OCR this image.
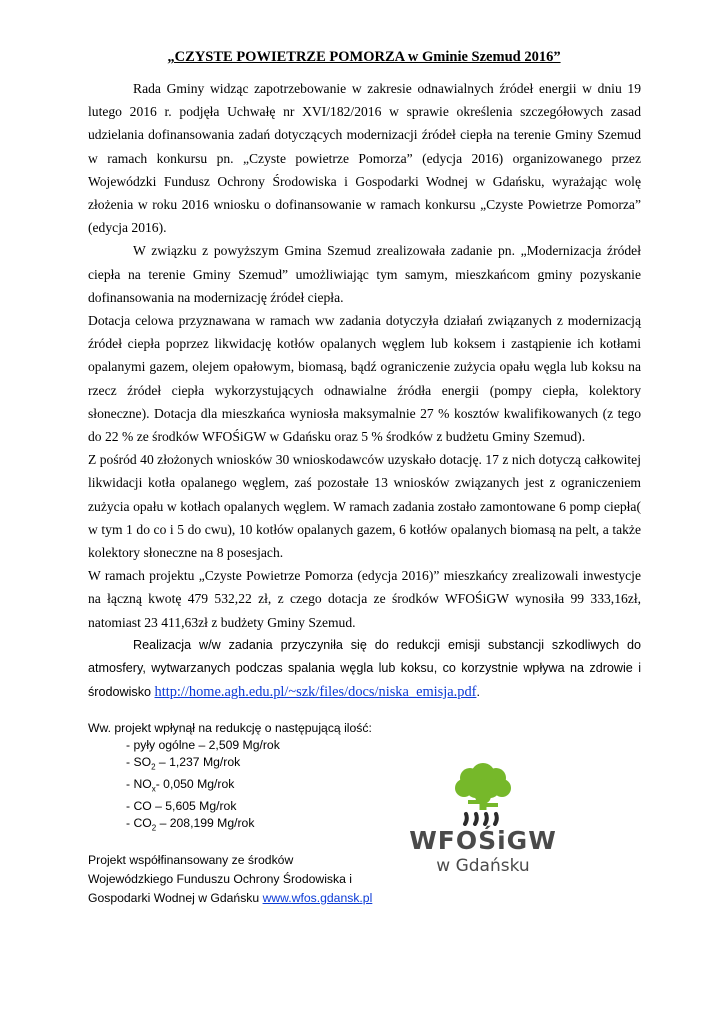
„CZYSTE POWIETRZE POMORZA w Gminie Szemud 2016”

Rada Gminy widząc zapotrzebowanie w zakresie odnawialnych źródeł energii w dniu 19 lutego 2016 r. podjęła Uchwałę nr XVI/182/2016 w sprawie określenia szczegółowych zasad udzielania dofinansowania zadań dotyczących modernizacji źródeł ciepła na terenie Gminy Szemud w ramach konkursu pn. „Czyste powietrze Pomorza” (edycja 2016) organizowanego przez Wojewódzki Fundusz Ochrony Środowiska i Gospodarki Wodnej w Gdańsku, wyrażając wolę złożenia w roku 2016 wniosku o dofinansowanie w ramach konkursu „Czyste Powietrze Pomorza” (edycja 2016).

W związku z powyższym Gmina Szemud zrealizowała zadanie pn. „Modernizacja źródeł ciepła na terenie Gminy Szemud” umożliwiając tym samym, mieszkańcom gminy pozyskanie dofinansowania na modernizację źródeł ciepła.

Dotacja celowa przyznawana w ramach ww zadania dotyczyła działań związanych z modernizacją źródeł ciepła poprzez likwidację kotłów opalanych węglem lub koksem i zastąpienie ich kotłami opalanymi gazem, olejem opałowym, biomasą, bądź ograniczenie zużycia opału węgla lub koksu na rzecz źródeł ciepła wykorzystujących odnawialne źródła energii (pompy ciepła, kolektory słoneczne). Dotacja dla mieszkańca wyniosła maksymalnie 27 % kosztów kwalifikowanych (z tego do 22 % ze środków WFOŚiGW w Gdańsku oraz 5 % środków z budżetu Gminy Szemud).

Z pośród 40 złożonych wniosków 30 wnioskodawców uzyskało dotację. 17 z nich dotyczą całkowitej likwidacji kotła opalanego węglem, zaś pozostałe 13 wniosków związanych jest z ograniczeniem zużycia opału w kotłach opalanych węglem. W ramach zadania zostało zamontowane 6 pomp ciepła( w tym 1 do co i 5 do cwu), 10 kotłów opalanych gazem, 6 kotłów opalanych biomasą na pelt, a także kolektory słoneczne na 8 posesjach.

W ramach projektu „Czyste Powietrze Pomorza (edycja 2016)” mieszkańcy zrealizowali inwestycje na łączną kwotę 479 532,22 zł, z czego dotacja ze środków WFOŚiGW wynosiła 99 333,16zł, natomiast 23 411,63zł z budżety Gminy Szemud.

Realizacja w/w zadania przyczyniła się do redukcji emisji substancji szkodliwych do atmosfery, wytwarzanych podczas spalania węgla lub koksu, co korzystnie wpływa na zdrowie i środowisko http://home.agh.edu.pl/~szk/files/docs/niska_emisja.pdf.

Ww. projekt wpłynął na redukcję o następującą ilość:
- pyły ogólne – 2,509 Mg/rok
- $SO_2 - 1,237$ Mg/rok
- $NO_x-$ 0,050 Mg/rok
- CO – 5,605 Mg/rok
- $CO_2 - 208,199$ Mg/rok
Projekt współfinansowany ze środków
Wojewódzkiego Funduszu Ochrony Środowiska i
Gospodarki Wodnej w Gdańsku www.wfos.gdansk.pl
WFOŚiGW
w Gdańsku
